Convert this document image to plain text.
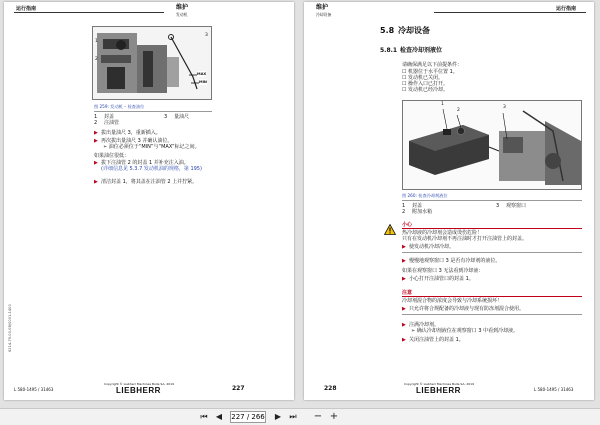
运行指南	维护
发动机
1
2
3
MAX
MIN
图 259: 发动机 – 检查油位
1 封盖
2 注油管
3 量油尺
▶ 拔出量油尺 3，重新插入。
▶ 再次拔出量油尺 3 并确认油位。
➢ 油位必须位于“MIN”与“MAX”标记之间。
如果油位很低：
▶ 拔下注油管 2 的封盖 1 并补充注入油。
(详细信息见 5.3.7 发动机油的规格，第 195)
▶ 清洁封盖 1，将其盖在注油管 2 上并拧紧。
6214-79-00-0B/0001-1400
L 580-1495 / 31463
Copyright © Liebherr Machines Bulle SA, 2019
LIEBHERR	227
维护
冷却设备
运行指南
5.8 冷却设备
5.8.1 检查冷却剂液位
请确保满足以下前提条件：
☐ 机器位于水平位置 1。
☐ 发动机已关闭。
☐ 操作入口已打开。
☐ 发动机已经冷却。
1
2
3
图 260: 检查冷却剂液位
1 封盖
2 附加水箱
3 观察窗口
小心
热冷却液的冷却剂会造成烫伤危险！
只有在发动机冷却剂不再注油时才打开注油管上的封盖。
▶ 使发动机冷却冷却。
▶ 慢慢地观察窗口 3 是否有冷却剂的液位。
如果在观察窗口 3 无法看到冷却液：
▶ 小心打开注油管口的封盖 1。
注意
冷却剂混合物的浓度会导致与冷却系统损坏！
▶ 只允许将合规配备的冷却液与现有防冻剂混合使用。
▶ 注满冷却剂。
➢ 确认冷却剂液位在观察窗口 3 中看到冷却液。
▶ 关闭注油管上的封盖 1。
228
Copyright © Liebherr Machines Bulle SA, 2019
LIEBHERR	L 580-1495 / 31463
⏮	◀
227 / 266	▶	⏭ − +
